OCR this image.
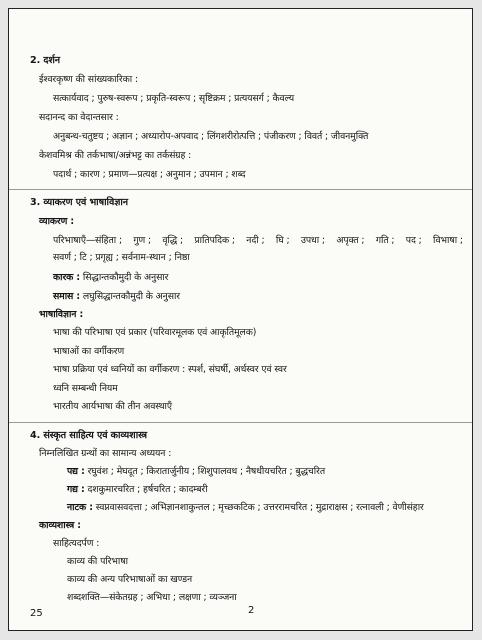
2. दर्शन
ईश्वरकृष्ण की सांख्यकारिका :
सत्कार्यवाद ; पुरुष-स्वरूप ; प्रकृति-स्वरूप ; सृष्टिक्रम ; प्रत्ययसर्ग ; कैवल्य
सदानन्द का वेदान्तसार :
अनुबन्ध-चतुष्टय ; अज्ञान ; अध्यारोप-अपवाद ; लिंगशरीरोत्पत्ति ; पंजीकरण ; विवर्त ; जीवनमुक्ति
केशवमिश्र की तर्कभाषा/अन्नंभट्ट का तर्कसंग्रह :
पदार्थ ; कारण ; प्रमाण—प्रत्यक्ष ; अनुमान ; उपमान ; शब्द
3. व्याकरण एवं भाषाविज्ञान
व्याकरण :
परिभाषाएँ—संहिता ; गुण ; वृद्धि ; प्रातिपदिक ; नदी ; घि ; उपधा ; अपृक्त ; गति ; पद ; विभाषा ;
सवर्ण ; टि ; प्रगृह्य ; सर्वनाम-स्थान ; निष्ठा
कारक : सिद्धान्तकौमुदी के अनुसार
समास : लघुसिद्धान्तकौमुदी के अनुसार
भाषाविज्ञान :
भाषा की परिभाषा एवं प्रकार (परिवारमूलक एवं आकृतिमूलक)
भाषाओं का वर्गीकरण
भाषा प्रक्रिया एवं ध्वनियों का वर्गीकरण : स्पर्श, संघर्षी, अर्धस्वर एवं स्वर
ध्वनि सम्बन्धी नियम
भारतीय आर्यभाषा की तीन अवस्थाएँ
4. संस्कृत साहित्य एवं काव्यशास्त्र
निम्नलिखित ग्रन्थों का सामान्य अध्ययन :
पद्य : रघुवंश ; मेघदूत ; किरातार्जुनीय ; शिशुपालवध ; नैषधीयचरित ; बुद्धचरित
गद्य : दशकुमारचरित ; हर्षचरित ; कादम्बरी
नाटक : स्वप्नवासवदत्ता ; अभिज्ञानशाकुन्तल ; मृच्छकटिक ; उत्तररामचरित ; मुद्राराक्षस ; रत्नावली ; वेणीसंहार
काव्यशास्त्र :
साहित्यदर्पण :
काव्य की परिभाषा
काव्य की अन्य परिभाषाओं का खण्डन
शब्दशक्ति—संकेतग्रह ; अभिधा ; लक्षणा ; व्यञ्जना
25	2
